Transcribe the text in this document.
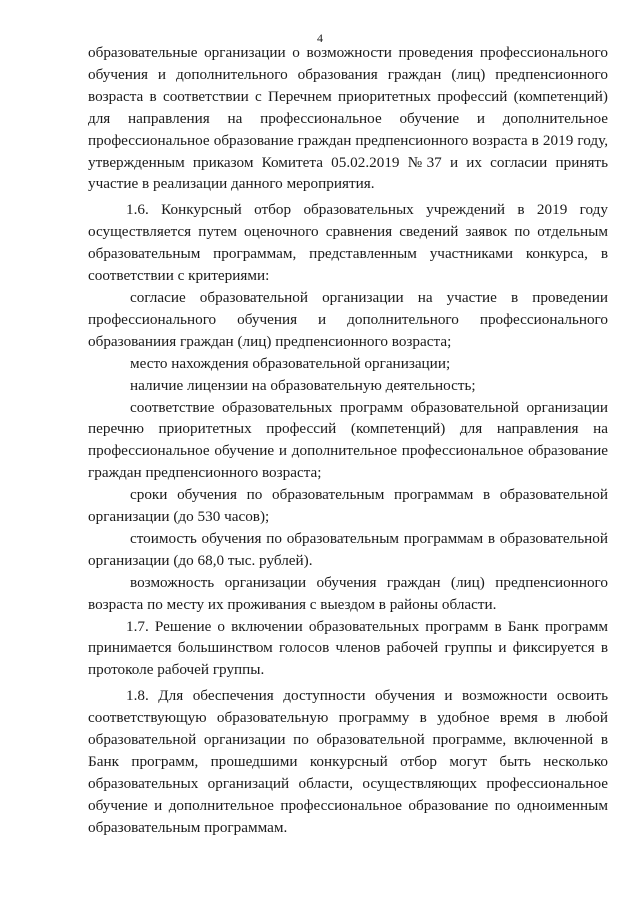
4

образовательные организации о возможности проведения профессионального обучения и дополнительного образования граждан (лиц) предпенсионного возраста в соответствии с Перечнем приоритетных профессий (компетенций) для направления на профессиональное обучение и дополнительное профессиональное образование граждан предпенсионного возраста в 2019 году, утвержденным приказом Комитета 05.02.2019 №37 и их согласии принять участие в реализации данного мероприятия.

1.6. Конкурсный отбор образовательных учреждений в 2019 году осуществляется путем оценочного сравнения сведений заявок по отдельным образовательным программам, представленным участниками конкурса, в соответствии с критериями:

согласие образовательной организации на участие в проведении профессионального обучения и дополнительного профессионального образованиия граждан (лиц) предпенсионного возраста;

место нахождения образовательной организации;

наличие лицензии на образовательную деятельность;

соответствие образовательных программ образовательной организации перечню приоритетных профессий (компетенций) для направления на профессиональное обучение и дополнительное профессиональное образование граждан предпенсионного возраста;

сроки обучения по образовательным программам в образовательной организации (до 530 часов);

стоимость обучения по образовательным программам в образовательной организации (до 68,0 тыс. рублей).

возможность организации обучения граждан (лиц) предпенсионного возраста по месту их проживания с выездом в районы области.

1.7. Решение о включении образовательных программ в Банк программ принимается большинством голосов членов рабочей группы и фиксируется в протоколе рабочей группы.

1.8. Для обеспечения доступности обучения и возможности освоить соответствующую образовательную программу в удобное время в любой образовательной организации по образовательной программе, включенной в Банк программ, прошедшими конкурсный отбор могут быть несколько образовательных организаций области, осуществляющих профессиональное обучение и дополнительное профессиональное образование по одноименным образовательным программам.
